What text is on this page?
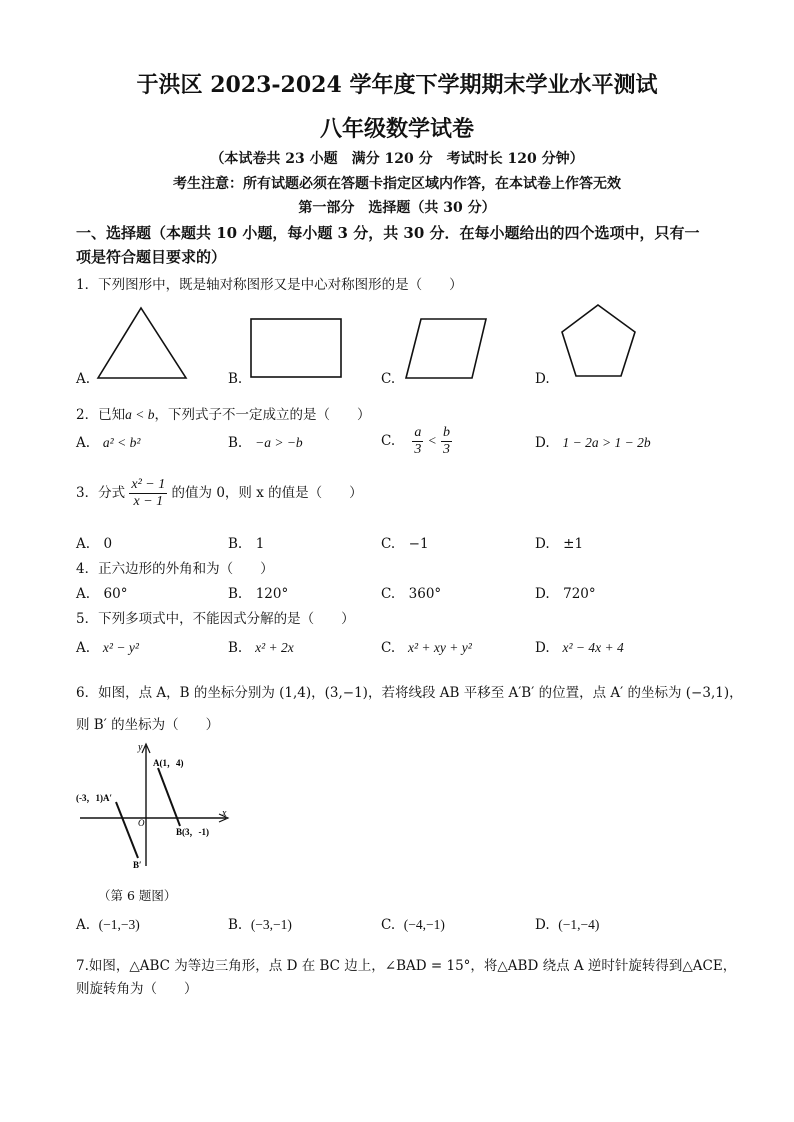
于洪区 2023-2024 学年度下学期期末学业水平测试
八年级数学试卷
（本试卷共 23 小题　满分 120 分　考试时长 120 分钟）
考生注意：所有试题必须在答题卡指定区域内作答，在本试卷上作答无效
第一部分　选择题（共 30 分）
一、选择题（本题共 10 小题，每小题 3 分，共 30 分．在每小题给出的四个选项中，只有一
项是符合题目要求的）
1．下列图形中，既是轴对称图形又是中心对称图形的是（　　）
A.	B.	C.	D.
2．已知a < b，下列式子不一定成立的是（　　）
A. a² < b²	B. −a > −b	C. $\frac{a}{3} < \frac{b}{3}$	D. 1 − 2a > 1 − 2b
3．分式 $\frac{\text{x² − 1}}{x - 1}$ 的值为 0，则 x 的值是（　　）
A.　0	B.　1	C.　−1	D.　±1
4．正六边形的外角和为（　　）
A.　60°	B.　120°	C.　360°	D.　720°
5．下列多项式中，不能因式分解的是（　　）
A. x² − y²	B. x² + 2x	C. x² + xy + y²	D. x² − 4x + 4
6．如图，点 A，B 的坐标分别为 (1,4)，(3,−1)，若将线段 AB 平移至 A′B′ 的位置，点 A′ 的坐标为 (−3,1)，
则 B′ 的坐标为（　　）
y
x
A(1，4)
(-3，1)A′
O
B(3，-1)
B′
（第 6 题图）
A. (−1,−3)	B. (−3,−1)	C. (−4,−1)	D. (−1,−4)
7.如图，△ABC 为等边三角形，点 D 在 BC 边上，∠BAD = 15°，将△ABD 绕点 A 逆时针旋转得到△ACE，
则旋转角为（　　）
